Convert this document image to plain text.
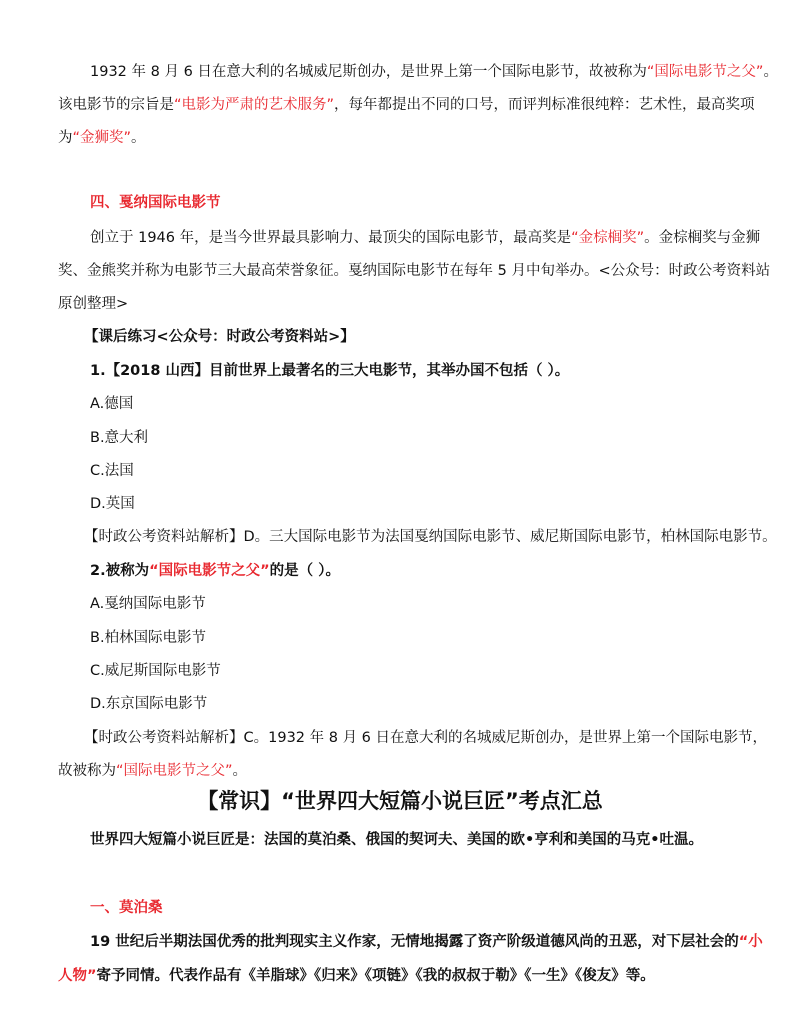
1932 年 8 月 6 日在意大利的名城威尼斯创办，是世界上第一个国际电影节，故被称为“国际电影节之父”。
该电影节的宗旨是“电影为严肃的艺术服务”，每年都提出不同的口号，而评判标准很纯粹：艺术性，最高奖项
为“金狮奖”。
四、戛纳国际电影节
创立于 1946 年，是当今世界最具影响力、最顶尖的国际电影节，最高奖是“金棕榈奖”。金棕榈奖与金狮
奖、金熊奖并称为电影节三大最高荣誉象征。戛纳国际电影节在每年 5 月中旬举办。<公众号：时政公考资料站
原创整理>
【课后练习<公众号：时政公考资料站>】
1.【2018 山西】目前世界上最著名的三大电影节，其举办国不包括（ ）。
A.德国
B.意大利
C.法国
D.英国
【时政公考资料站解析】D。三大国际电影节为法国戛纳国际电影节、威尼斯国际电影节，柏林国际电影节。
2.被称为“国际电影节之父”的是（ ）。
A.戛纳国际电影节
B.柏林国际电影节
C.威尼斯国际电影节
D.东京国际电影节
【时政公考资料站解析】C。1932 年 8 月 6 日在意大利的名城威尼斯创办，是世界上第一个国际电影节，
故被称为“国际电影节之父”。
【常识】“世界四大短篇小说巨匠”考点汇总
世界四大短篇小说巨匠是：法国的莫泊桑、俄国的契诃夫、美国的欧•亨利和美国的马克•吐温。
一、莫泊桑
19 世纪后半期法国优秀的批判现实主义作家，无情地揭露了资产阶级道德风尚的丑恶，对下层社会的“小
人物”寄予同情。代表作品有《羊脂球》《归来》《项链》《我的叔叔于勒》《一生》《俊友》等。
